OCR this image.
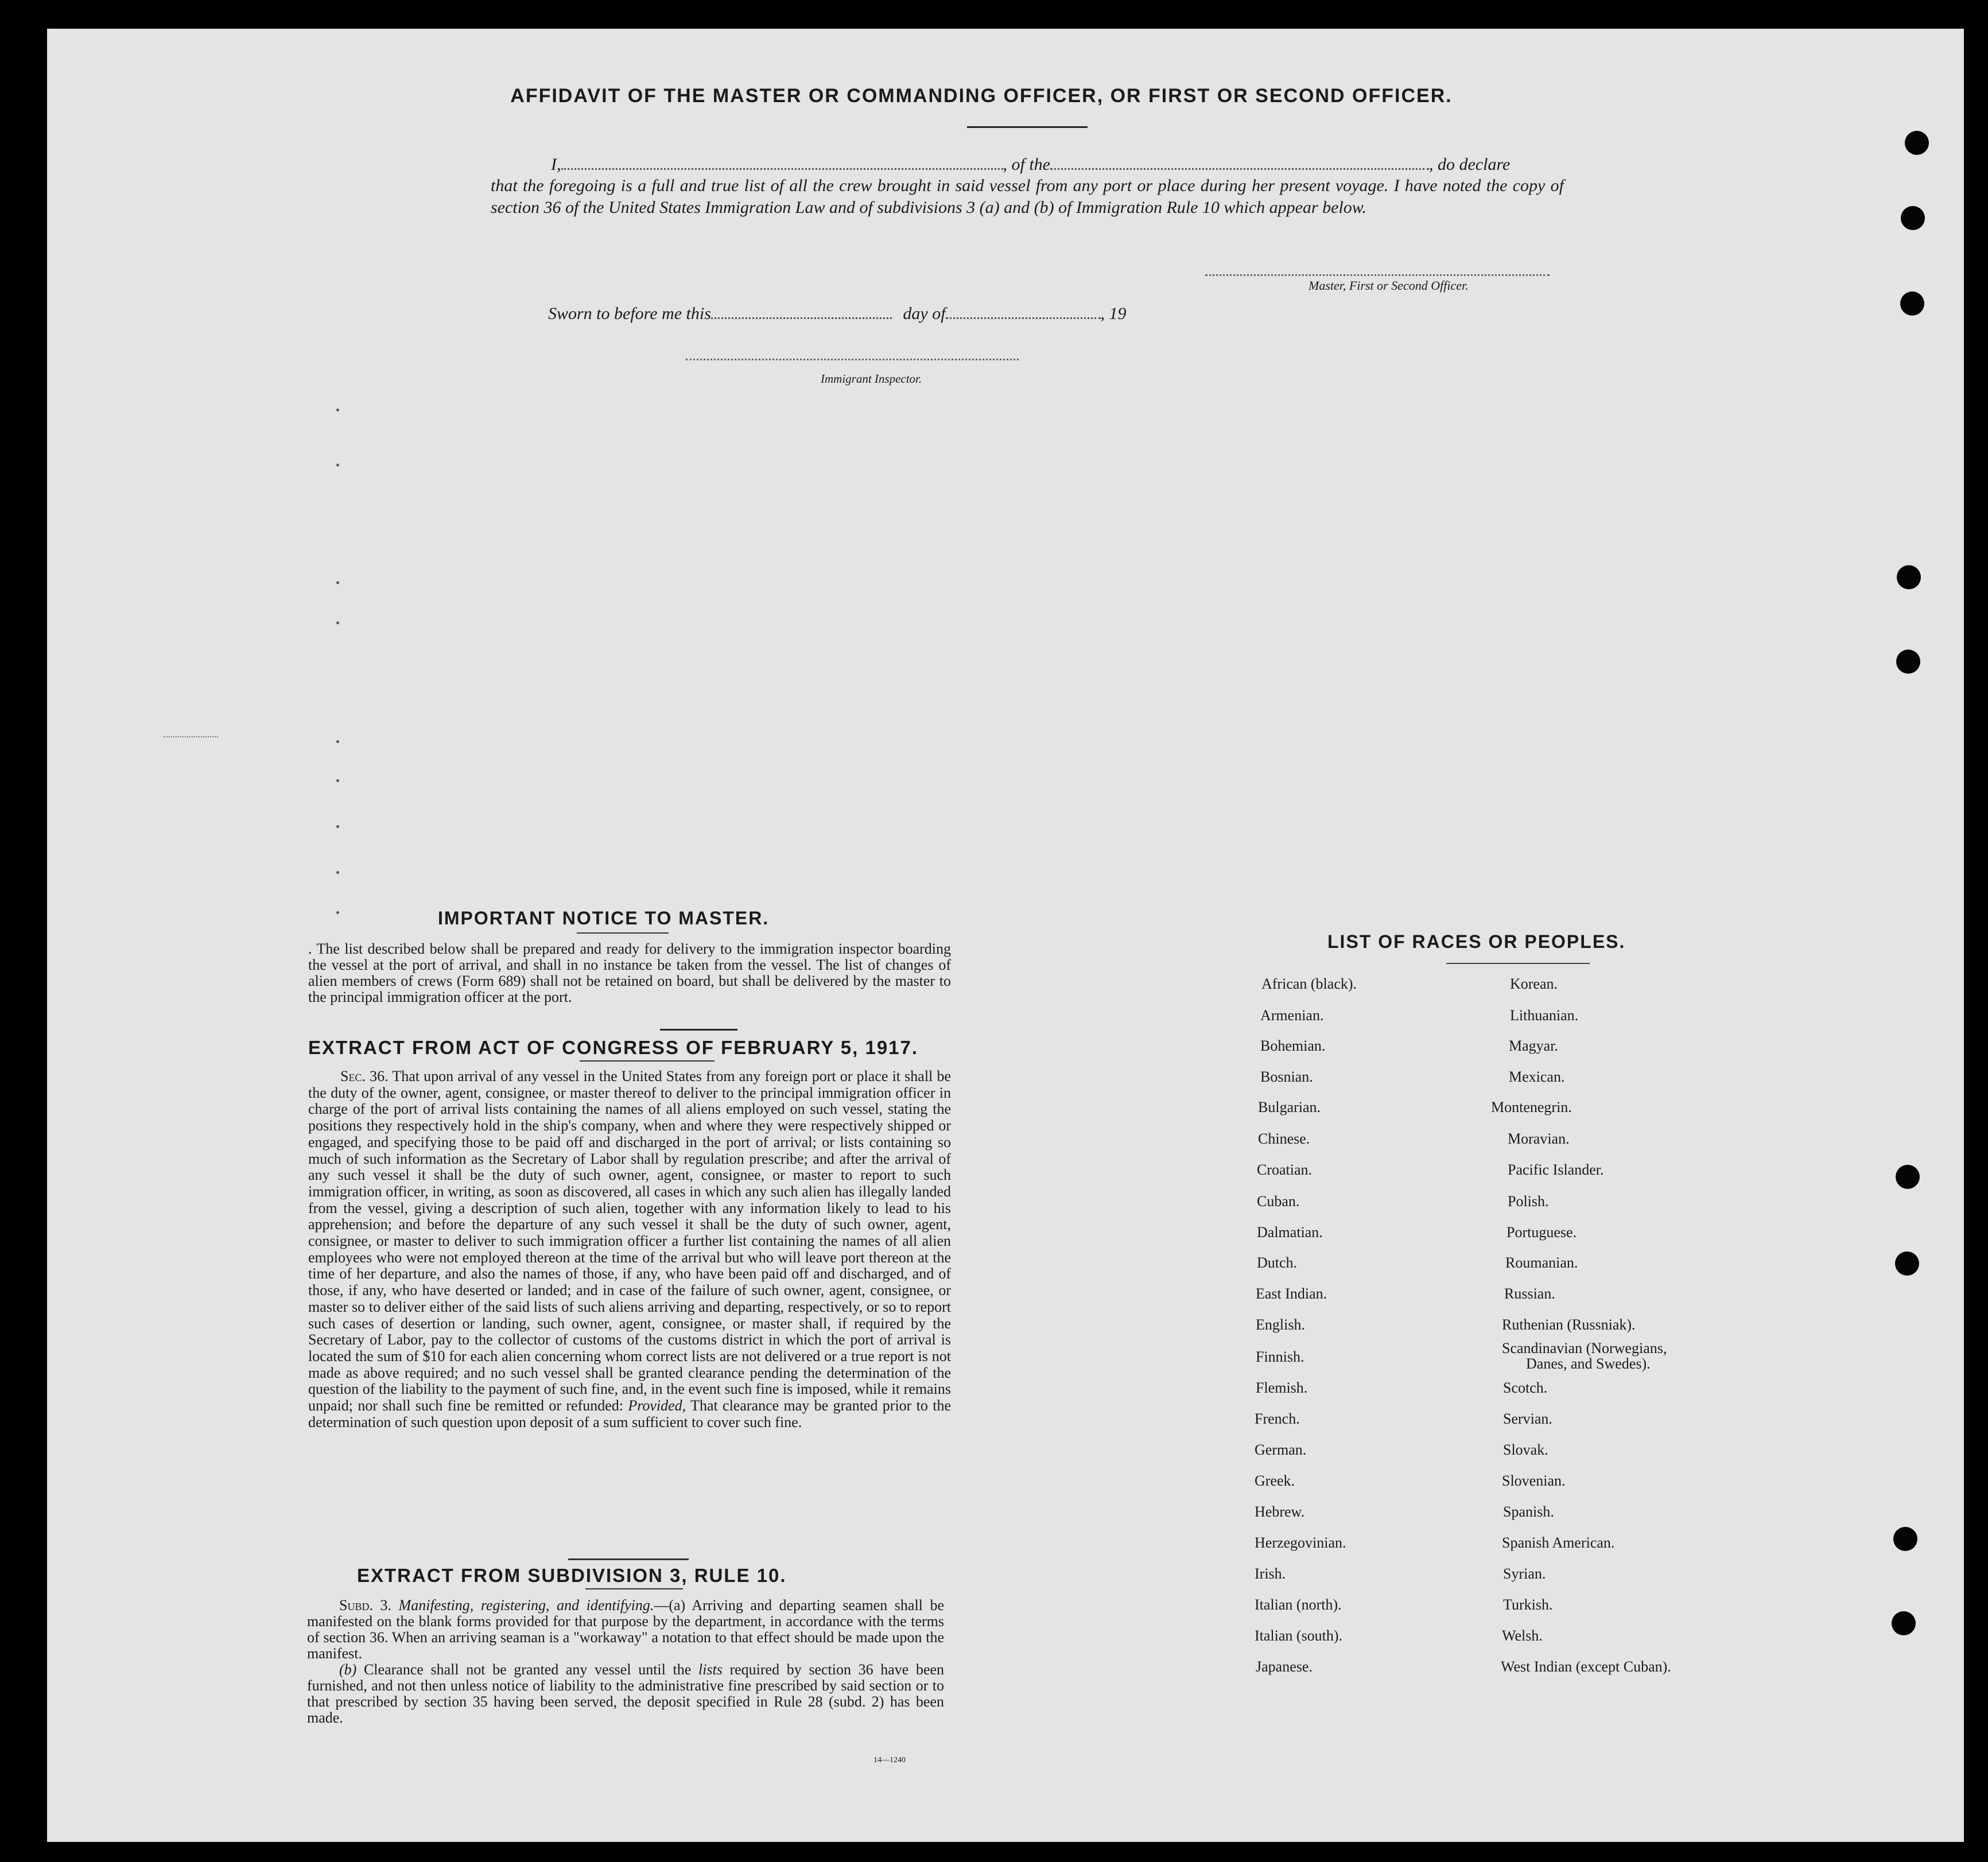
AFFIDAVIT OF THE MASTER OR COMMANDING OFFICER, OR FIRST OR SECOND OFFICER.
I,	, of the	, do declare
that the foregoing is a full and true list of all the crew brought in said vessel from any port or place during her present voyage. I have noted the copy of section 36 of the United States Immigration Law and of subdivisions 3 (a) and (b) of Immigration Rule 10 which appear below.
Master, First or Second Officer.
Sworn to before me this	day of	, 19
Immigrant Inspector.
IMPORTANT NOTICE TO MASTER.
. The list described below shall be prepared and ready for delivery to the immigration inspector boarding the vessel at the port of arrival, and shall in no instance be taken from the vessel. The list of changes of alien members of crews (Form 689) shall not be retained on board, but shall be delivered by the master to the principal immigration officer at the port.
EXTRACT FROM ACT OF CONGRESS OF FEBRUARY 5, 1917.
Sec. 36. That upon arrival of any vessel in the United States from any foreign port or place it shall be the duty of the owner, agent, consignee, or master thereof to deliver to the principal immigration officer in charge of the port of arrival lists containing the names of all aliens employed on such vessel, stating the positions they respectively hold in the ship's company, when and where they were respectively shipped or engaged, and specifying those to be paid off and discharged in the port of arrival; or lists containing so much of such information as the Secretary of Labor shall by regulation prescribe; and after the arrival of any such vessel it shall be the duty of such owner, agent, consignee, or master to report to such immigration officer, in writing, as soon as discovered, all cases in which any such alien has illegally landed from the vessel, giving a description of such alien, together with any information likely to lead to his apprehension; and before the departure of any such vessel it shall be the duty of such owner, agent, consignee, or master to deliver to such immigration officer a further list containing the names of all alien employees who were not employed thereon at the time of the arrival but who will leave port thereon at the time of her departure, and also the names of those, if any, who have been paid off and discharged, and of those, if any, who have deserted or landed; and in case of the failure of such owner, agent, consignee, or master so to deliver either of the said lists of such aliens arriving and departing, respectively, or so to report such cases of desertion or landing, such owner, agent, consignee, or master shall, if required by the Secretary of Labor, pay to the collector of customs of the customs district in which the port of arrival is located the sum of $10 for each alien concerning whom correct lists are not delivered or a true report is not made as above required; and no such vessel shall be granted clearance pending the determination of the question of the liability to the payment of such fine, and, in the event such fine is imposed, while it remains unpaid; nor shall such fine be remitted or refunded: Provided, That clearance may be granted prior to the determination of such question upon deposit of a sum sufficient to cover such fine.
EXTRACT FROM SUBDIVISION 3, RULE 10.
Subd. 3. Manifesting, registering, and identifying.—(a) Arriving and departing seamen shall be manifested on the blank forms provided for that purpose by the department, in accordance with the terms of section 36. When an arriving seaman is a "workaway" a notation to that effect should be made upon the manifest.
(b) Clearance shall not be granted any vessel until the lists required by section 36 have been furnished, and not then unless notice of liability to the administrative fine prescribed by said section or to that prescribed by section 35 having been served, the deposit specified in Rule 28 (subd. 2) has been made.
14—1240
LIST OF RACES OR PEOPLES.
African (black).
Armenian.
Bohemian.
Bosnian.
Bulgarian.
Chinese.
Croatian.
Cuban.
Dalmatian.
Dutch.
East Indian.
English.
Finnish.
Flemish.
French.
German.
Greek.
Hebrew.
Herzegovinian.
Irish.
Italian (north).
Italian (south).
Japanese.
Korean.
Lithuanian.
Magyar.
Mexican.
Montenegrin.
Moravian.
Pacific Islander.
Polish.
Portuguese.
Roumanian.
Russian.
Ruthenian (Russniak).
Scandinavian (Norwegians,
Danes, and Swedes).
Scotch.
Servian.
Slovak.
Slovenian.
Spanish.
Spanish American.
Syrian.
Turkish.
Welsh.
West Indian (except Cuban).
